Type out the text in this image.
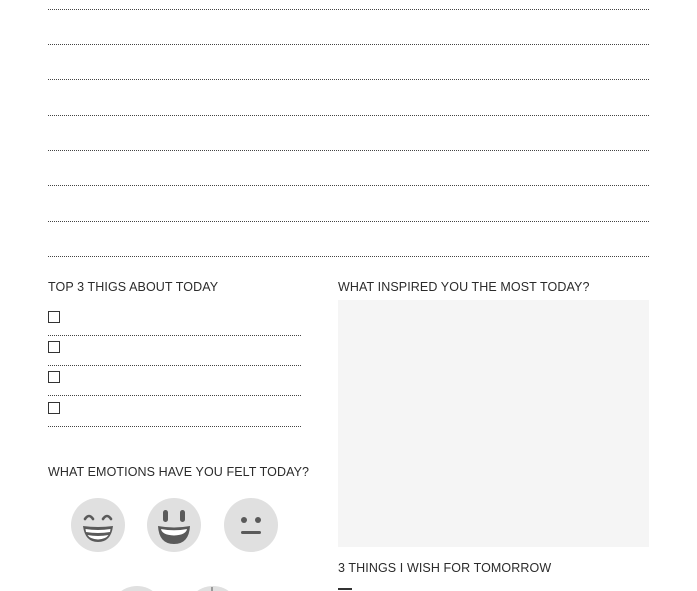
TOP 3 THIGS ABOUT TODAY
WHAT EMOTIONS HAVE YOU FELT TODAY?
WHAT INSPIRED YOU THE MOST TODAY?
3 THINGS I WISH FOR TOMORROW
